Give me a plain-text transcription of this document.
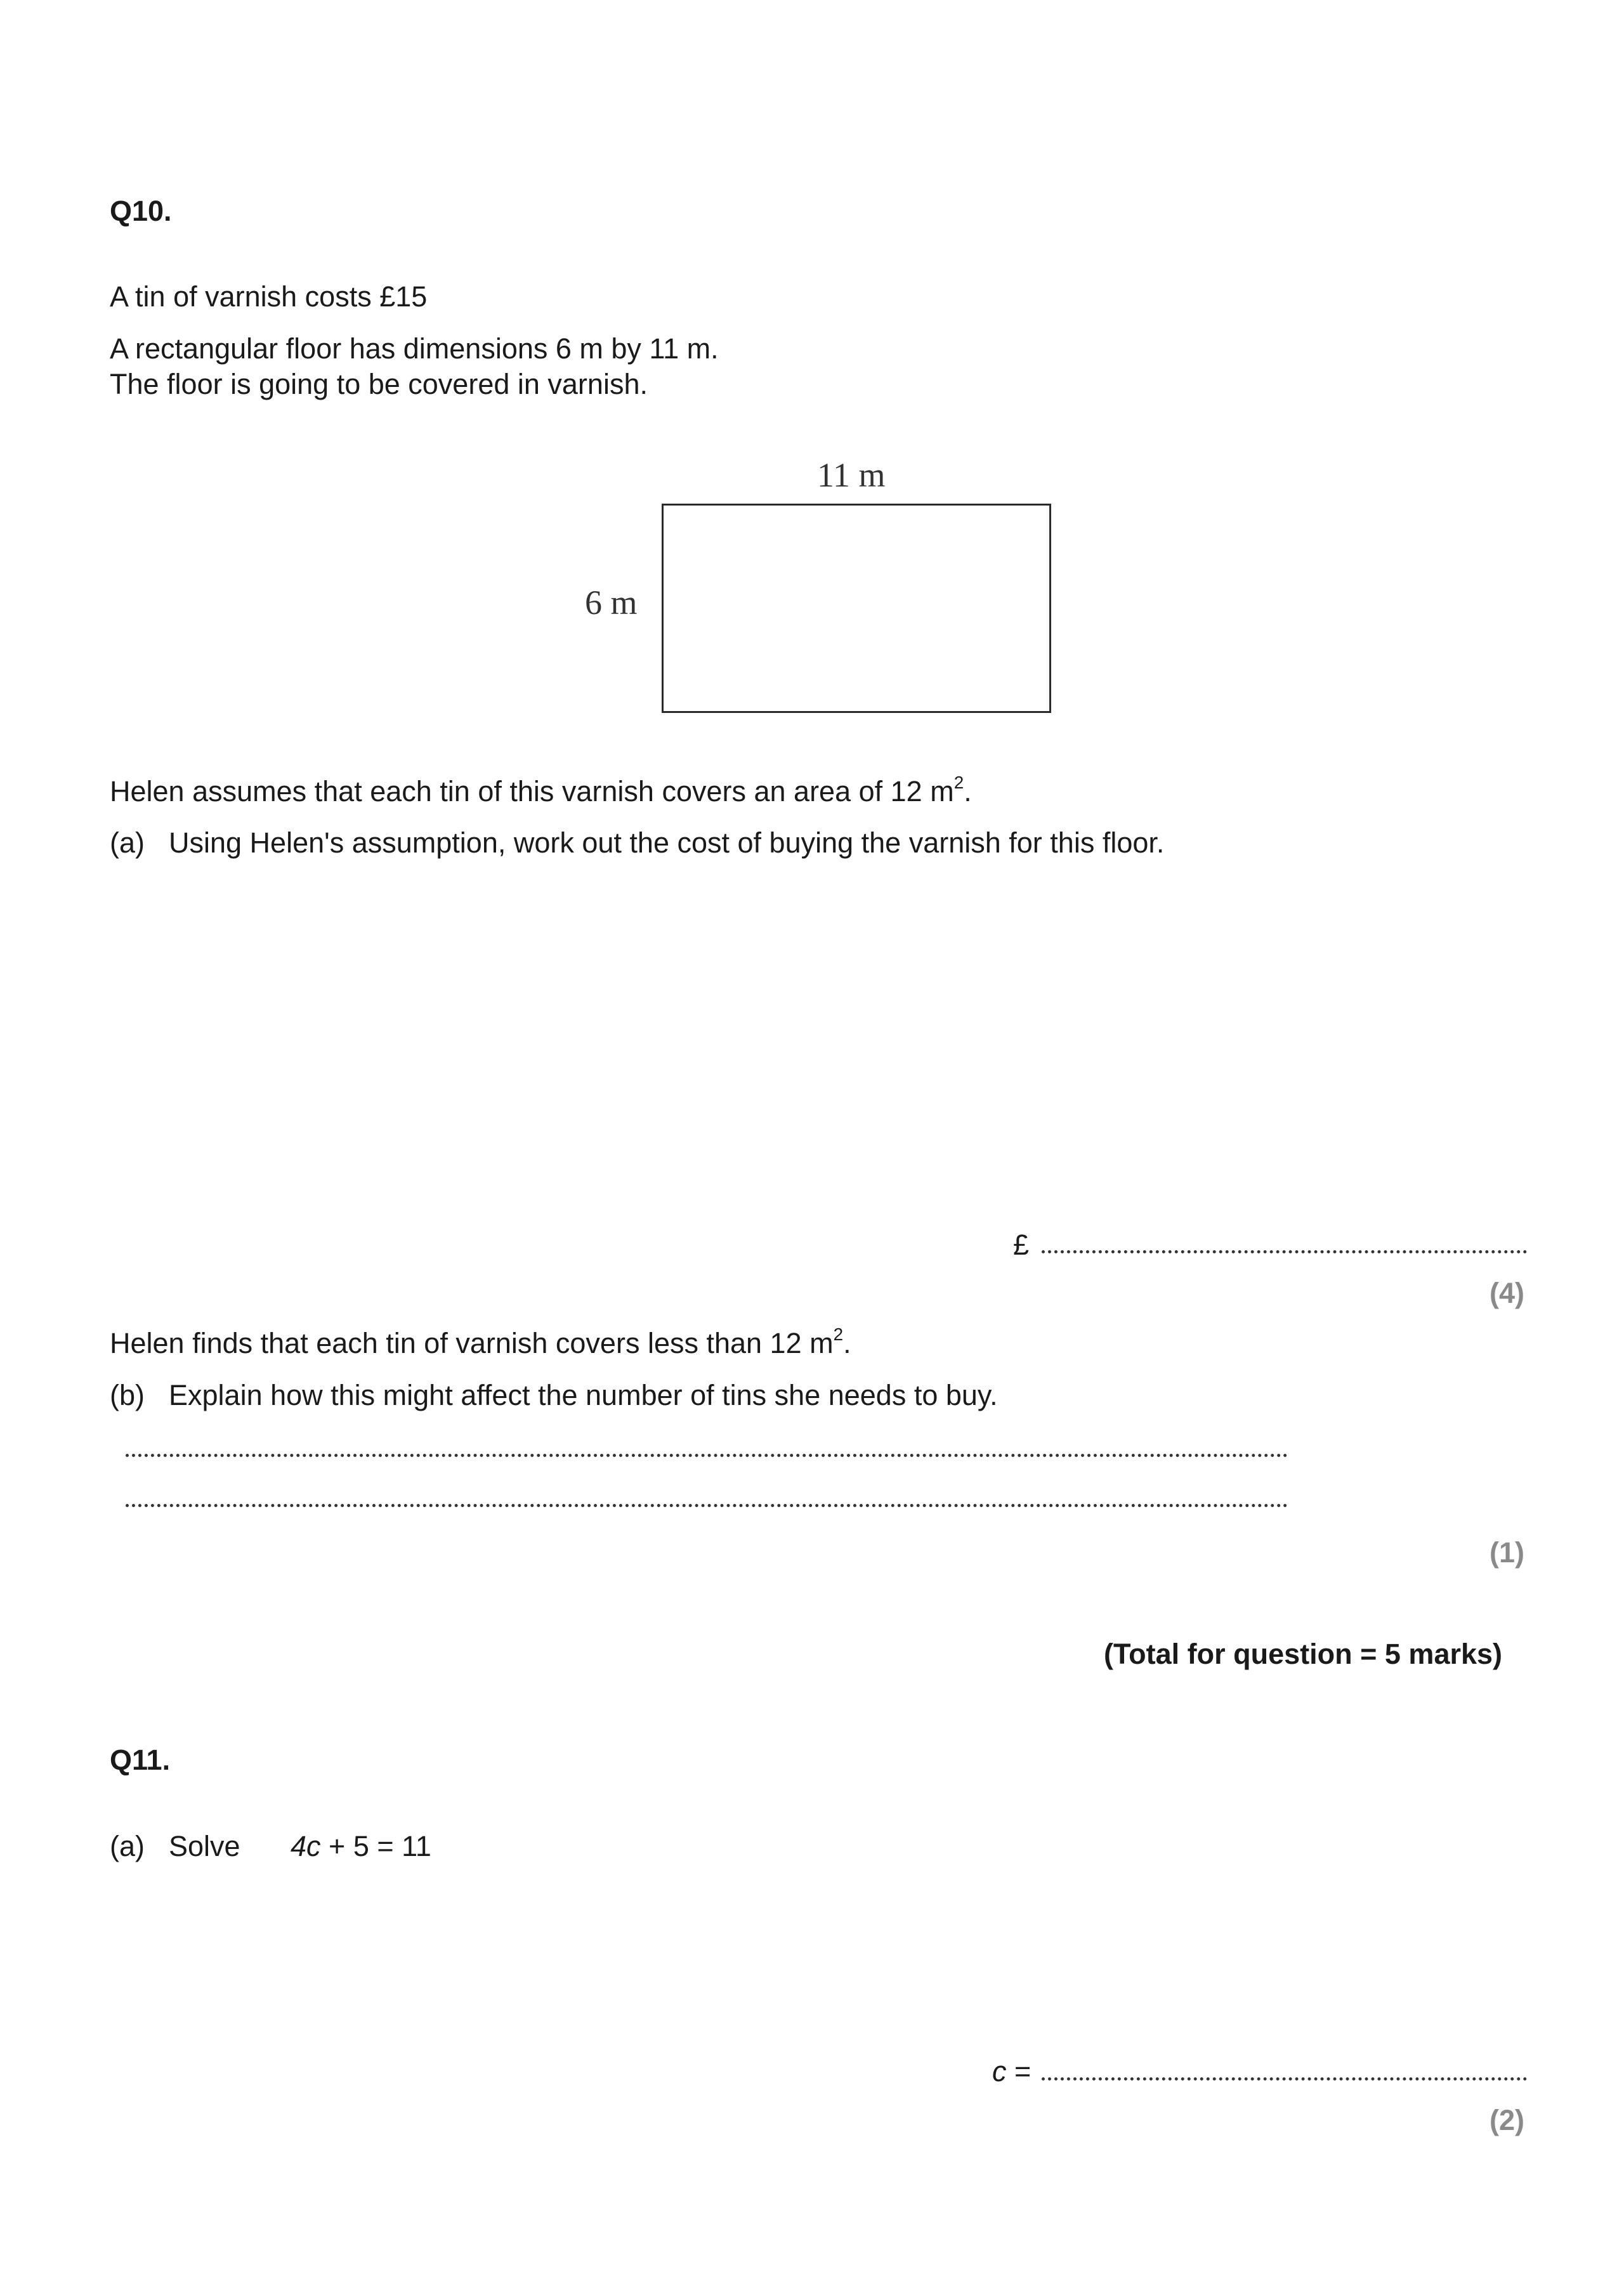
Q10.
A tin of varnish costs £15
A rectangular floor has dimensions 6 m by 11 m.
The floor is going to be covered in varnish.
11 m
6 m
Helen assumes that each tin of this varnish covers an area of 12 $m^2$.
(a) Using Helen's assumption, work out the cost of buying the varnish for this floor.
£
(4)
Helen finds that each tin of varnish covers less than 12 $m^2$.
(b) Explain how this might affect the number of tins she needs to buy.
(1)
(Total for question = 5 marks)
Q11.
(a) Solve 4c + 5 = 11
c =
(2)
